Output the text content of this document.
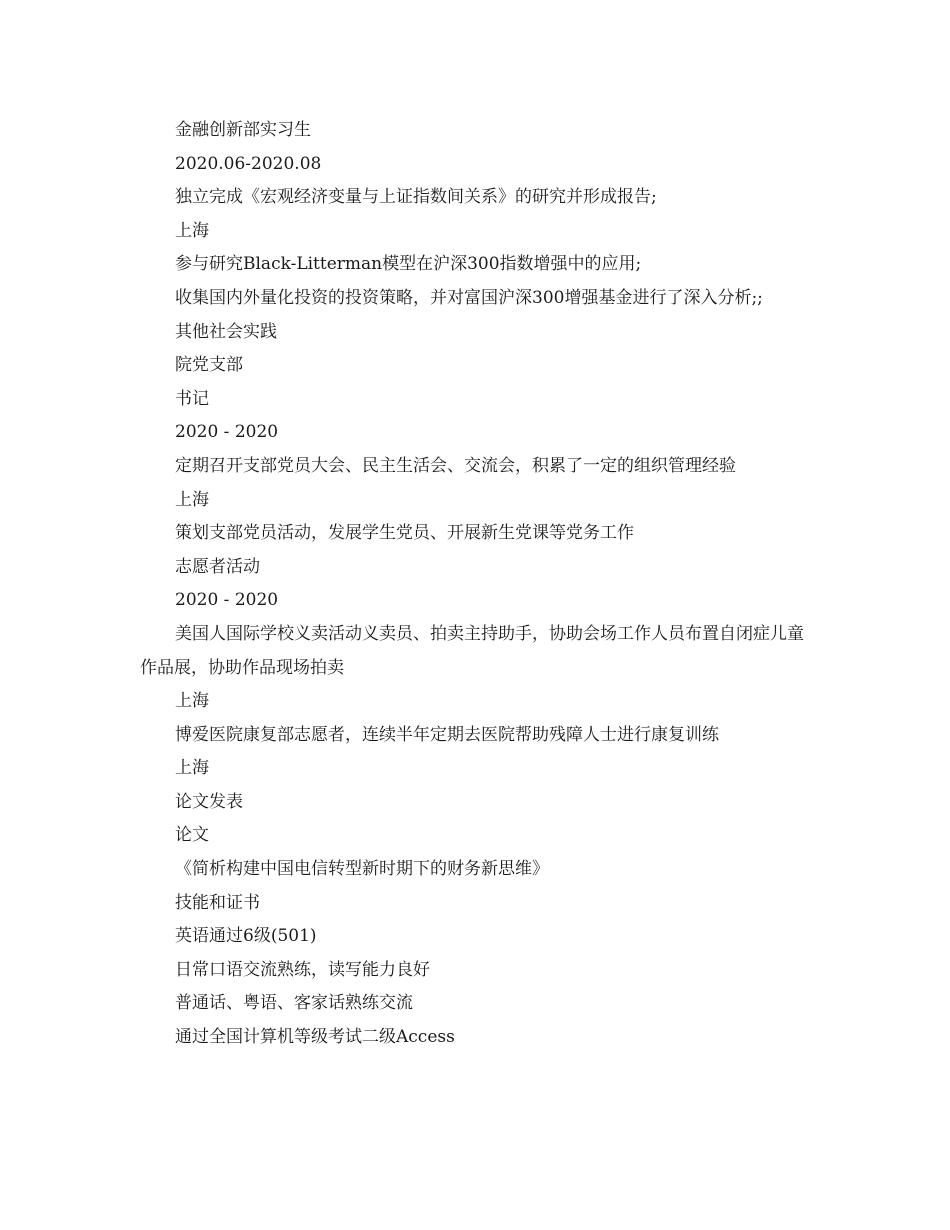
金融创新部实习生

2020.06-2020.08

独立完成《宏观经济变量与上证指数间关系》的研究并形成报告;

上海

参与研究Black-Litterman模型在沪深300指数增强中的应用;

收集国内外量化投资的投资策略，并对富国沪深300增强基金进行了深入分析;;

其他社会实践

院党支部

书记

2020 - 2020

定期召开支部党员大会、民主生活会、交流会，积累了一定的组织管理经验

上海

策划支部党员活动，发展学生党员、开展新生党课等党务工作

志愿者活动

2020 - 2020

美国人国际学校义卖活动义卖员、拍卖主持助手，协助会场工作人员布置自闭症儿童作品展，协助作品现场拍卖

上海

博爱医院康复部志愿者，连续半年定期去医院帮助残障人士进行康复训练

上海

论文发表

论文

《简析构建中国电信转型新时期下的财务新思维》

技能和证书

英语通过6级(501)

日常口语交流熟练，读写能力良好

普通话、粤语、客家话熟练交流

通过全国计算机等级考试二级Access
